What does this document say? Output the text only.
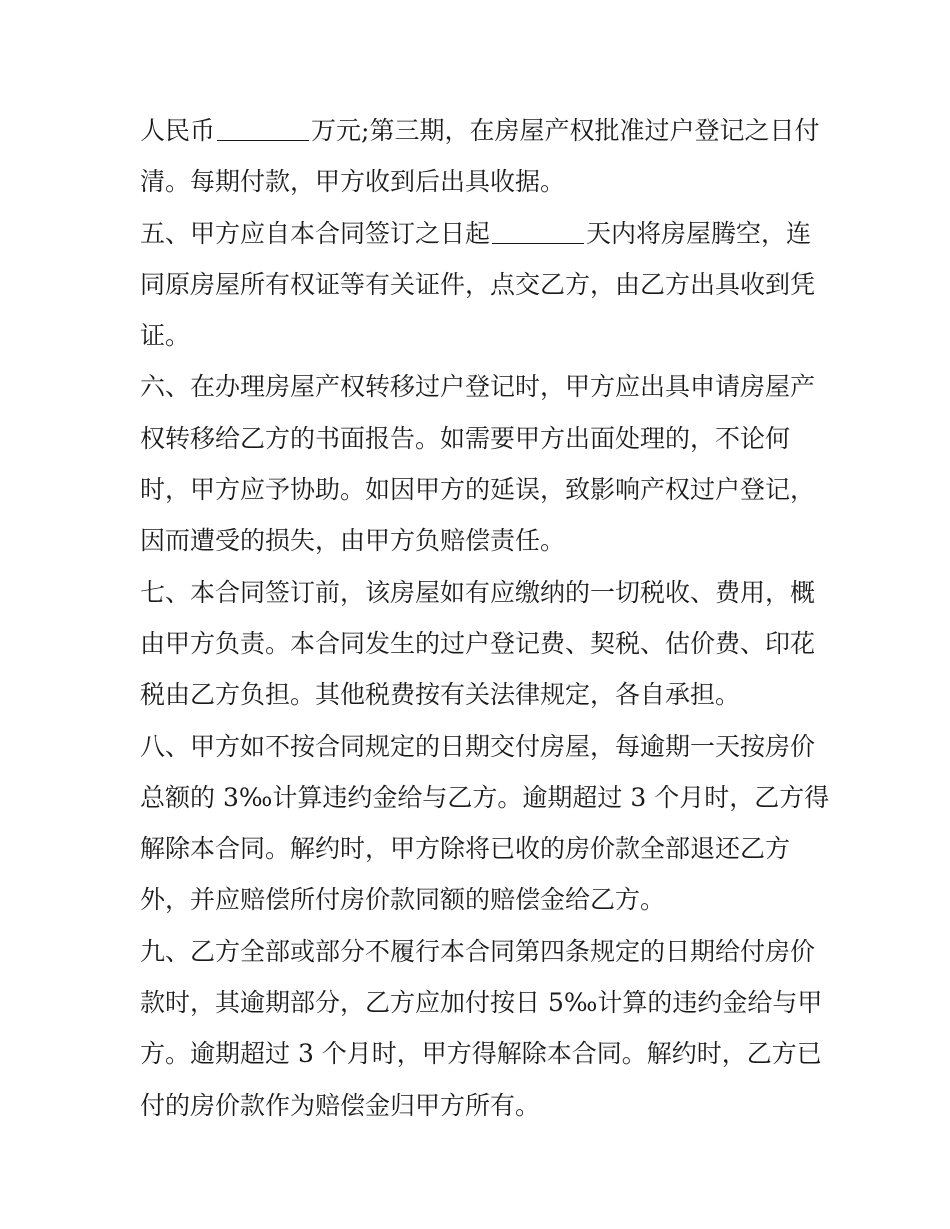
人民币	万元;第三期，在房屋产权批准过户登记之日付
清。每期付款，甲方收到后出具收据。
五、甲方应自本合同签订之日起	天内将房屋腾空，连
同原房屋所有权证等有关证件，点交乙方，由乙方出具收到凭
证。
六、在办理房屋产权转移过户登记时，甲方应出具申请房屋产
权转移给乙方的书面报告。如需要甲方出面处理的，不论何
时，甲方应予协助。如因甲方的延误，致影响产权过户登记，
因而遭受的损失，由甲方负赔偿责任。
七、本合同签订前，该房屋如有应缴纳的一切税收、费用，概
由甲方负责。本合同发生的过户登记费、契税、估价费、印花
税由乙方负担。其他税费按有关法律规定，各自承担。
八、甲方如不按合同规定的日期交付房屋，每逾期一天按房价
总额的 3‰计算违约金给与乙方。逾期超过 3 个月时，乙方得
解除本合同。解约时，甲方除将已收的房价款全部退还乙方
外，并应赔偿所付房价款同额的赔偿金给乙方。
九、乙方全部或部分不履行本合同第四条规定的日期给付房价
款时，其逾期部分，乙方应加付按日 5‰计算的违约金给与甲
方。逾期超过 3 个月时，甲方得解除本合同。解约时，乙方已
付的房价款作为赔偿金归甲方所有。
